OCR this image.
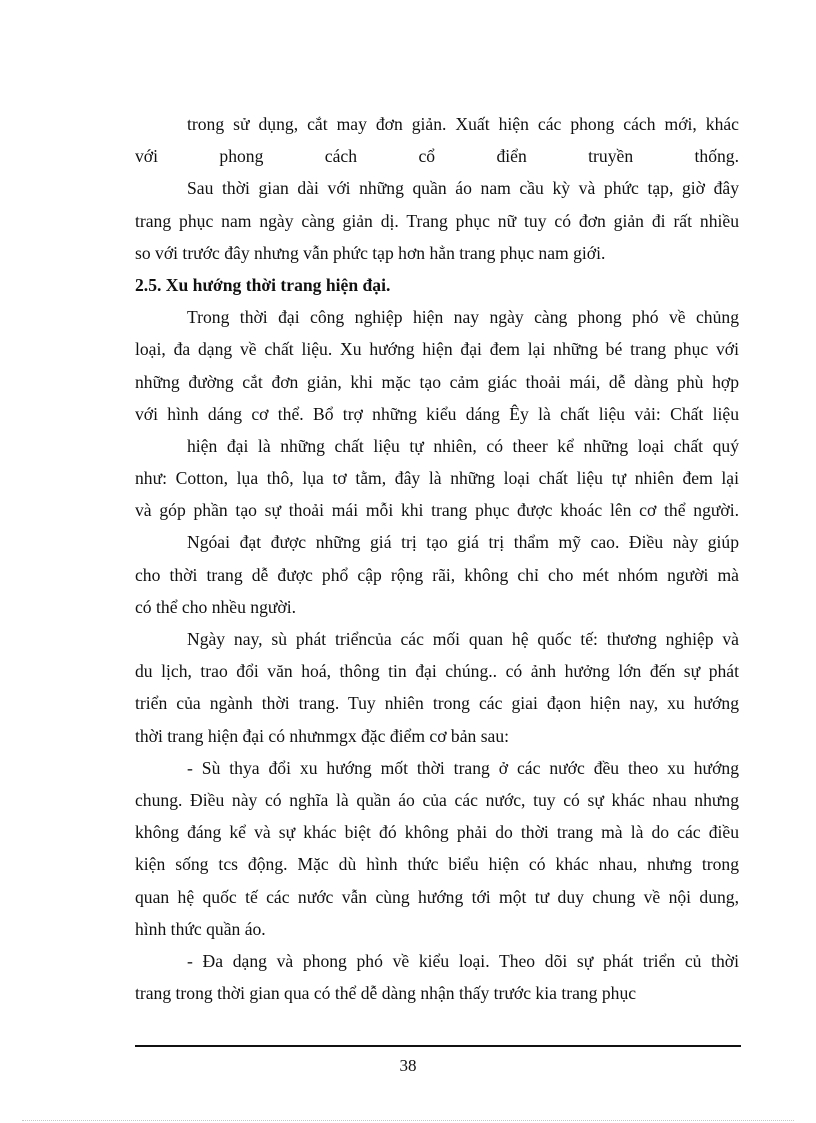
trong sử dụng, cắt may đơn giản. Xuất hiện các phong cách mới, khác
với phong cách cổ điển truyền thống.
Sau thời gian dài với những quần áo nam cầu kỳ và phức tạp, giờ đây
trang phục nam ngày càng giản dị. Trang phục nữ tuy có đơn giản đi rất nhiều
so với trước đây nhưng vẫn phức tạp hơn hẳn trang phục nam giới.
2.5. Xu hướng thời trang hiện đại.
Trong thời đại công nghiệp hiện nay ngày càng phong phó về chủng
loại, đa dạng về chất liệu. Xu hướng hiện đại đem lại những bé trang phục với
những đường cắt đơn giản, khi mặc tạo cảm giác thoải mái, dễ dàng phù hợp
với hình dáng cơ thể. Bổ trợ những kiểu dáng Êy là chất liệu vải: Chất liệu
hiện đại là những chất liệu tự nhiên, có theer kể những loại chất quý
như: Cotton, lụa thô, lụa tơ tằm, đây là những loại chất liệu tự nhiên đem lại
và góp phần tạo sự thoải mái mỗi khi trang phục được khoác lên cơ thể người.
Ngóai đạt được những giá trị tạo giá trị thẩm mỹ cao. Điều này giúp
cho thời trang dễ được phổ cập rộng rãi, không chỉ cho mét nhóm người mà
có thể cho nhều người.
Ngày nay, sù phát triểncủa các mối quan hệ quốc tế: thương nghiệp và
du lịch, trao đổi văn hoá, thông tin đại chúng.. có ảnh hưởng lớn đến sự phát
triển của ngành thời trang. Tuy nhiên trong các giai đạon hiện nay, xu hướng
thời trang hiện đại có nhưnmgx đặc điểm cơ bản sau:
- Sù thya đổi xu hướng mốt thời trang ở các nước đều theo xu hướng
chung. Điều này có nghĩa là quần áo của các nước, tuy có sự khác nhau nhưng
không đáng kể và sự khác biệt đó không phải do thời trang mà là do các điều
kiện sống tcs động. Mặc dù hình thức biểu hiện có khác nhau, nhưng trong
quan hệ quốc tế các nước vẫn cùng hướng tới một tư duy chung về nội dung,
hình thức quần áo.
- Đa dạng và phong phó về kiểu loại. Theo dõi sự phát triển củ thời
trang trong thời gian qua có thể dễ dàng nhận thấy trước kia trang phục
38
